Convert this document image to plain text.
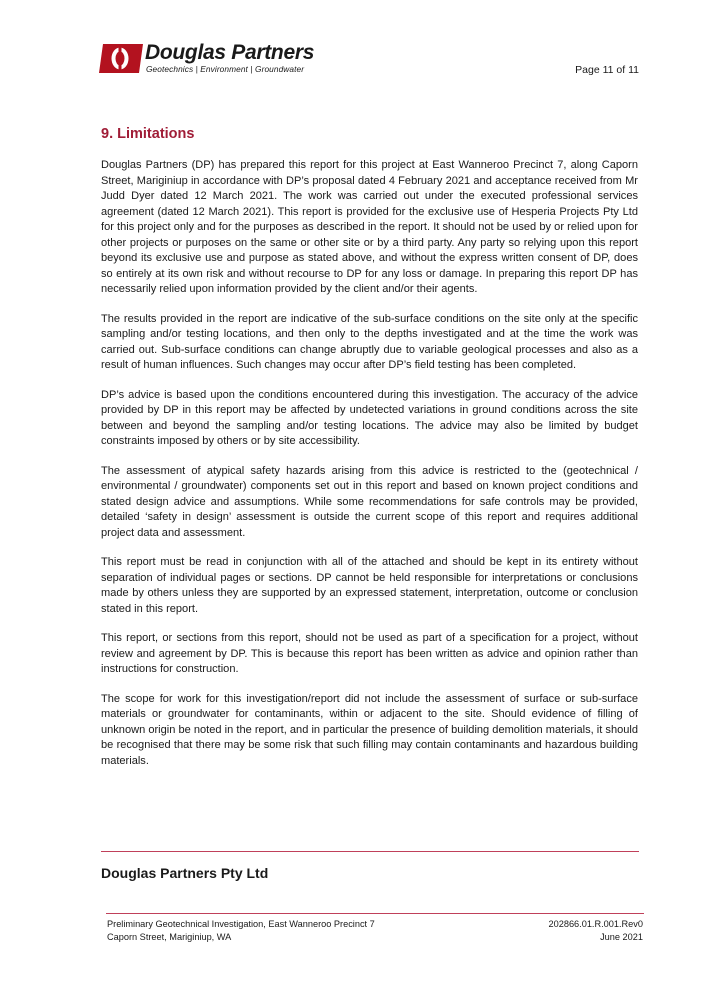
Douglas Partners
Geotechnics | Environment | Groundwater	Page 11 of 11
9. Limitations

Douglas Partners (DP) has prepared this report for this project at East Wanneroo Precinct 7, along Caporn Street, Mariginiup in accordance with DP’s proposal dated 4 February 2021 and acceptance received from Mr Judd Dyer dated 12 March 2021. The work was carried out under the executed professional services agreement (dated 12 March 2021). This report is provided for the exclusive use of Hesperia Projects Pty Ltd for this project only and for the purposes as described in the report. It should not be used by or relied upon for other projects or purposes on the same or other site or by a third party. Any party so relying upon this report beyond its exclusive use and purpose as stated above, and without the express written consent of DP, does so entirely at its own risk and without recourse to DP for any loss or damage. In preparing this report DP has necessarily relied upon information provided by the client and/or their agents.

The results provided in the report are indicative of the sub-surface conditions on the site only at the specific sampling and/or testing locations, and then only to the depths investigated and at the time the work was carried out. Sub-surface conditions can change abruptly due to variable geological processes and also as a result of human influences. Such changes may occur after DP’s field testing has been completed.

DP’s advice is based upon the conditions encountered during this investigation. The accuracy of the advice provided by DP in this report may be affected by undetected variations in ground conditions across the site between and beyond the sampling and/or testing locations. The advice may also be limited by budget constraints imposed by others or by site accessibility.

The assessment of atypical safety hazards arising from this advice is restricted to the (geotechnical / environmental / groundwater) components set out in this report and based on known project conditions and stated design advice and assumptions. While some recommendations for safe controls may be provided, detailed ‘safety in design’ assessment is outside the current scope of this report and requires additional project data and assessment.

This report must be read in conjunction with all of the attached and should be kept in its entirety without separation of individual pages or sections. DP cannot be held responsible for interpretations or conclusions made by others unless they are supported by an expressed statement, interpretation, outcome or conclusion stated in this report.

This report, or sections from this report, should not be used as part of a specification for a project, without review and agreement by DP. This is because this report has been written as advice and opinion rather than instructions for construction.

The scope for work for this investigation/report did not include the assessment of surface or sub-surface materials or groundwater for contaminants, within or adjacent to the site. Should evidence of filling of unknown origin be noted in the report, and in particular the presence of building demolition materials, it should be recognised that there may be some risk that such filling may contain contaminants and hazardous building materials.

Douglas Partners Pty Ltd
Preliminary Geotechnical Investigation, East Wanneroo Precinct 7
Caporn Street, Mariginiup, WA
202866.01.R.001.Rev0
June 2021
